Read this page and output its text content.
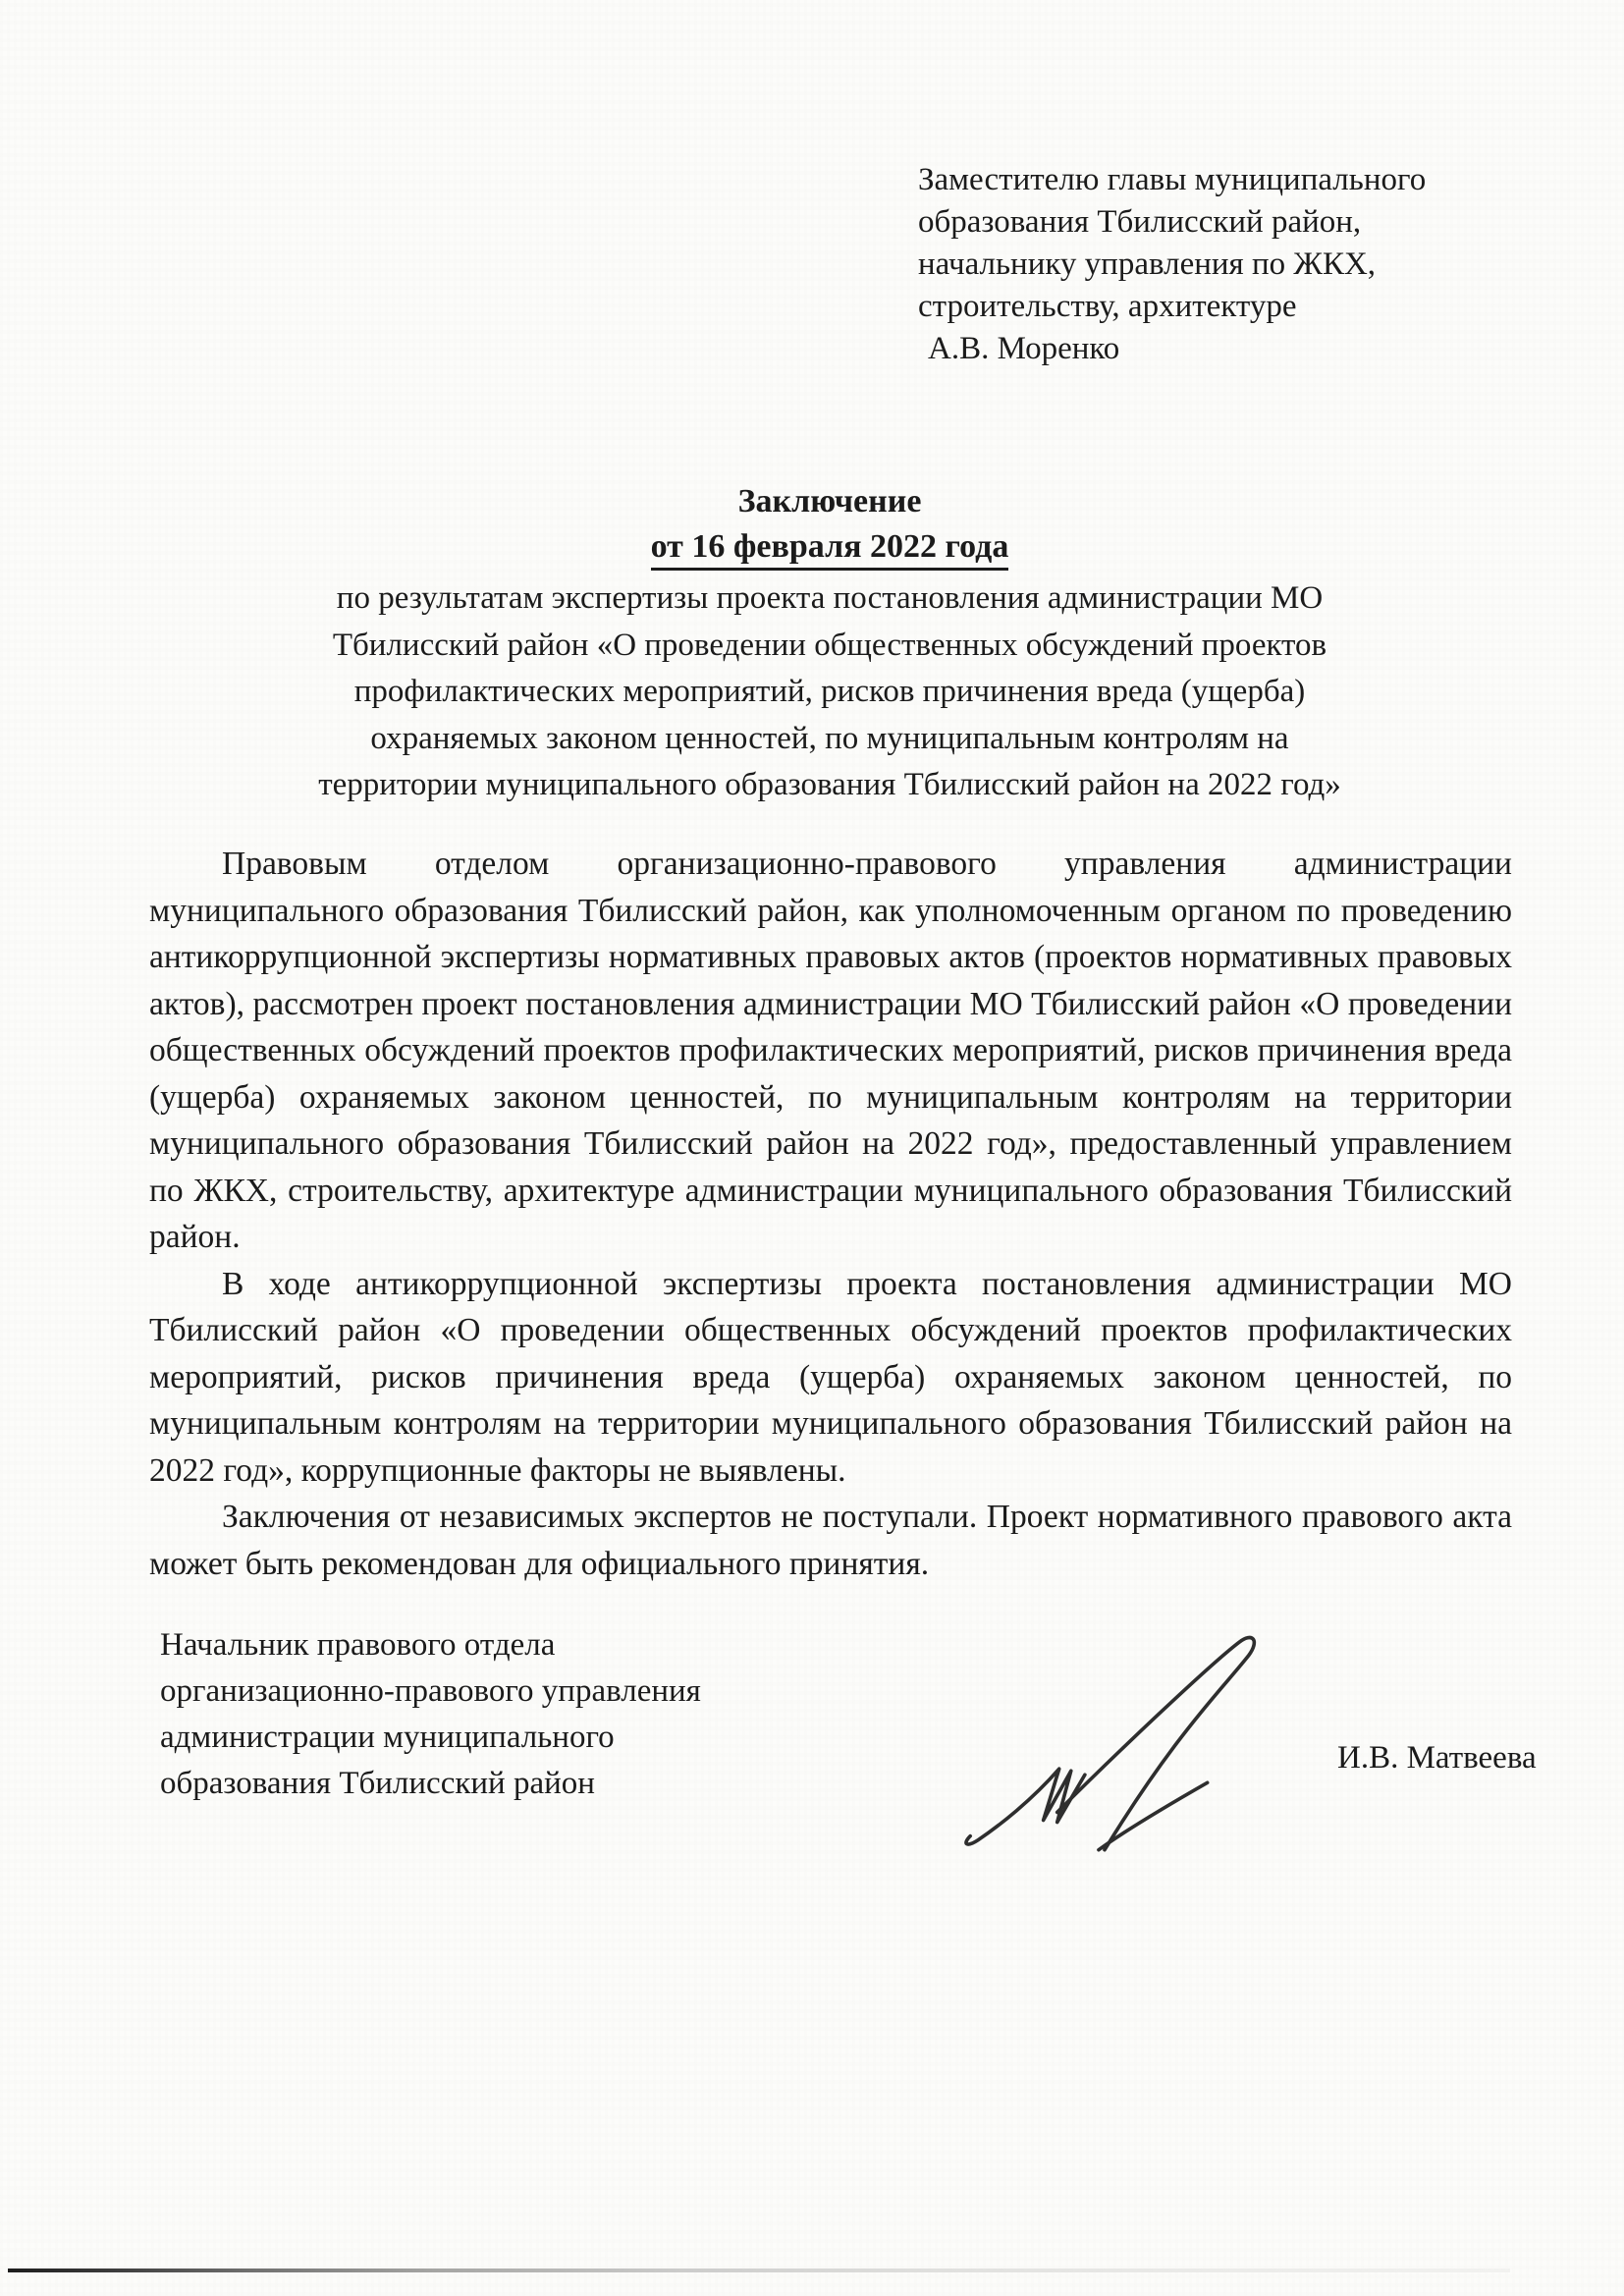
Заместителю главы муниципального
образования Тбилисский район,
начальнику управления по ЖКХ,
строительству, архитектуре
А.В. Моренко
Заключение
от 16 февраля 2022 года
по результатам экспертизы проекта постановления администрации МО
Тбилисский район «О проведении общественных обсуждений проектов
профилактических мероприятий, рисков причинения вреда (ущерба)
охраняемых законом ценностей, по муниципальным контролям на
территории муниципального образования Тбилисский район на 2022 год»

Правовым отделом организационно-правового управления администрации муниципального образования Тбилисский район, как уполномоченным органом по проведению антикоррупционной экспертизы нормативных правовых актов (проектов нормативных правовых актов), рассмотрен проект постановления администрации МО Тбилисский район «О проведении общественных обсуждений проектов профилактических мероприятий, рисков причинения вреда (ущерба) охраняемых законом ценностей, по муниципальным контролям на территории муниципального образования Тбилисский район на 2022 год», предоставленный управлением по ЖКХ, строительству, архитектуре администрации муниципального образования Тбилисский район.

В ходе антикоррупционной экспертизы проекта постановления администрации МО Тбилисский район «О проведении общественных обсуждений проектов профилактических мероприятий, рисков причинения вреда (ущерба) охраняемых законом ценностей, по муниципальным контролям на территории муниципального образования Тбилисский район на 2022 год», коррупционные факторы не выявлены.

Заключения от независимых экспертов не поступали. Проект нормативного правового акта может быть рекомендован для официального принятия.

Начальник правового отдела
организационно-правового управления
администрации муниципального
образования Тбилисский район
И.В. Матвеева
